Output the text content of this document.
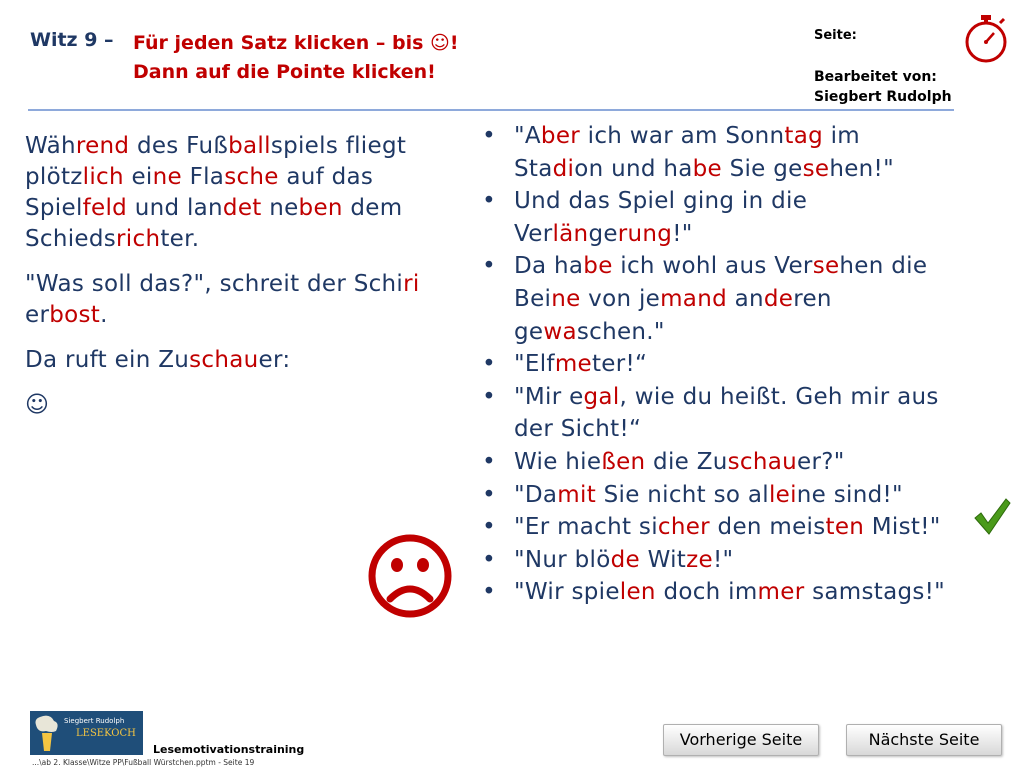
Witz 9 – Für jeden Satz klicken – bis ☺!
Dann auf die Pointe klicken!
Seite:
Bearbeitet von:
Siegbert Rudolph

Während des Fußballspiels fliegt plötzlich eine Flasche auf das Spielfeld und landet neben dem Schiedsrichter.

"Was soll das?", schreit der Schiri erbost.

Da ruft ein Zuschauer:

☺

• "Aber ich war am Sonntag im Stadion und habe Sie gesehen!"
• Und das Spiel ging in die Verlängerung!"
• Da habe ich wohl aus Versehen die Beine von jemand anderen gewaschen."
• "Elfmeter!“
• "Mir egal, wie du heißt. Geh mir aus der Sicht!“
• Wie hießen die Zuschauer?"
• "Damit Sie nicht so alleine sind!"
• "Er macht sicher den meisten Mist!"
• "Nur blöde Witze!"
• "Wir spielen doch immer samstags!"
Vorherige Seite	Nächste Seite
Siegbert Rudolph
LESEKOCH
Lesemotivationstraining
...\ab 2. Klasse\Witze PP\Fußball Würstchen.pptm - Seite 19
